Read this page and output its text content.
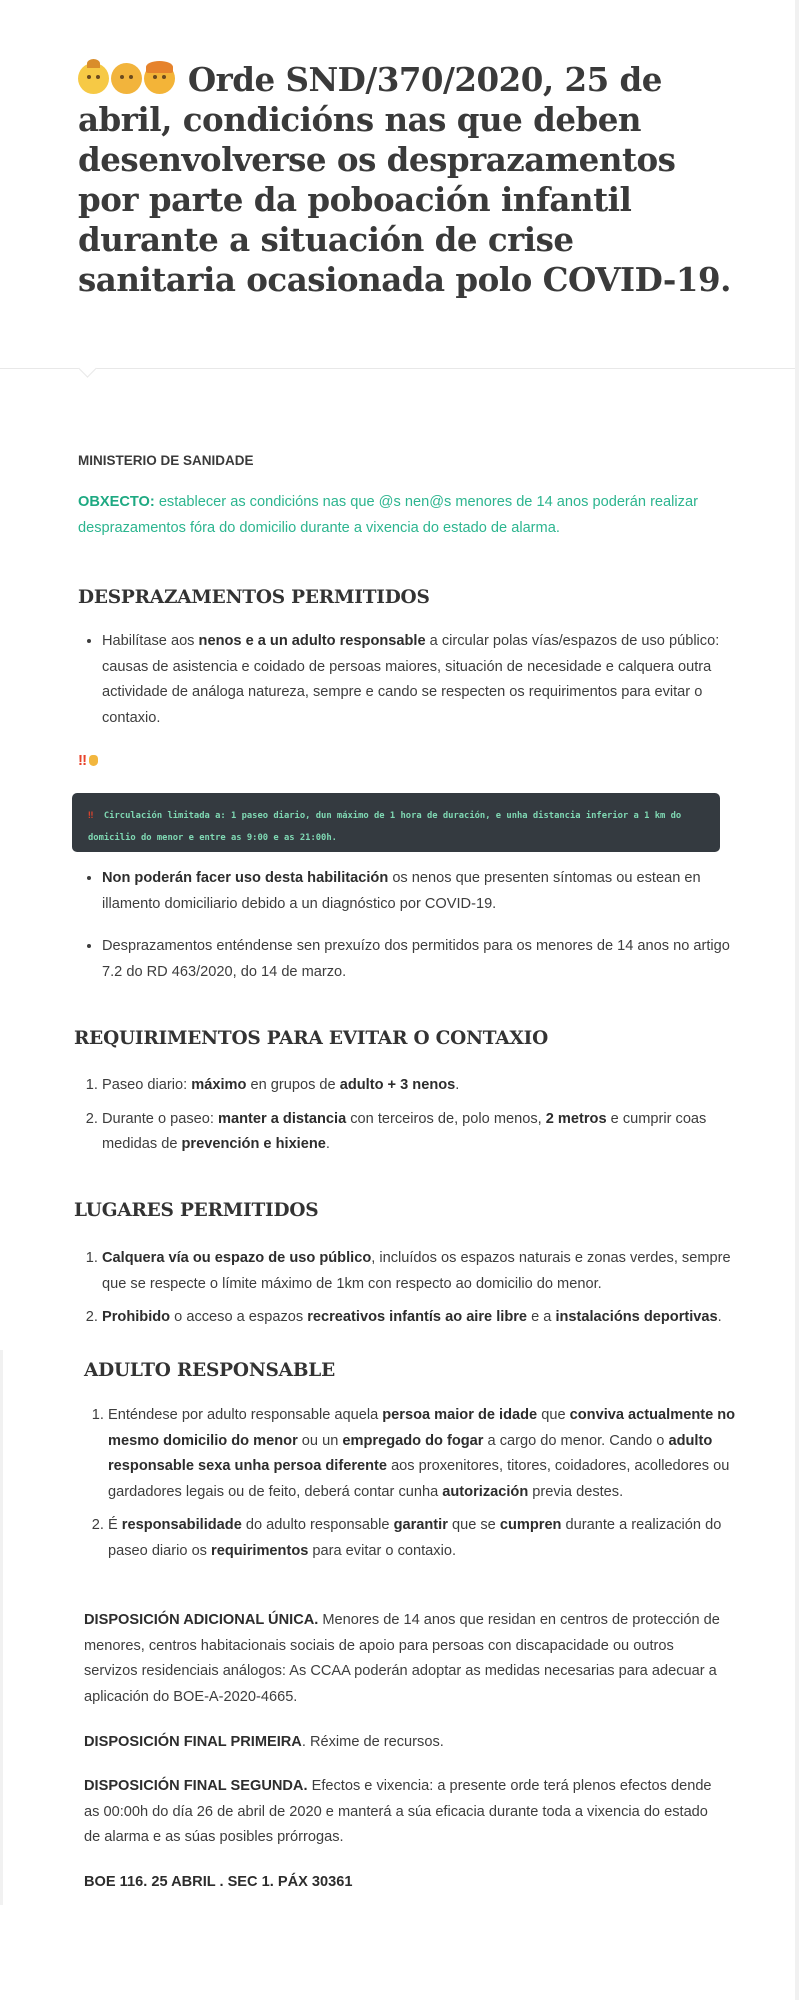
Orde SND/370/2020, 25 de abril, condicións nas que deben desenvolverse os desprazamentos por parte da poboación infantil durante a situación de crise sanitaria ocasionada polo COVID-19.

MINISTERIO DE SANIDADE

OBXECTO: establecer as condicións nas que @s nen@s menores de 14 anos poderán realizar desprazamentos fóra do domicilio durante a vixencia do estado de alarma.

DESPRAZAMENTOS PERMITIDOS
• Habilítase aos nenos e a un adulto responsable a circular polas vías/espazos de uso público: causas de asistencia e coidado de persoas maiores, situación de necesidade e calquera outra actividade de análoga natureza, sempre e cando se respecten os requirimentos para evitar o contaxio.

‼

‼ Circulación limitada a: 1 paseo diario, dun máximo de 1 hora de duración, e unha distancia inferior a 1 km do domicilio do menor e entre as 9:00 e as 21:00h.
• Non poderán facer uso desta habilitación os nenos que presenten síntomas ou estean en illamento domiciliario debido a un diagnóstico por COVID-19.
• Desprazamentos enténdense sen prexuízo dos permitidos para os menores de 14 anos no artigo 7.2 do RD 463/2020, do 14 de marzo.
REQUIRIMENTOS PARA EVITAR O CONTAXIO
1. Paseo diario: máximo en grupos de adulto + 3 nenos.
2. Durante o paseo: manter a distancia con terceiros de, polo menos, 2 metros e cumprir coas medidas de prevención e hixiene.
LUGARES PERMITIDOS
1. Calquera vía ou espazo de uso público, incluídos os espazos naturais e zonas verdes, sempre que se respecte o límite máximo de 1km con respecto ao domicilio do menor.
2. Prohibido o acceso a espazos recreativos infantís ao aire libre e a instalacións deportivas.
ADULTO RESPONSABLE
1. Enténdese por adulto responsable aquela persoa maior de idade que conviva actualmente no mesmo domicilio do menor ou un empregado do fogar a cargo do menor. Cando o adulto responsable sexa unha persoa diferente aos proxenitores, titores, coidadores, acolledores ou gardadores legais ou de feito, deberá contar cunha autorización previa destes.
2. É responsabilidade do adulto responsable garantir que se cumpren durante a realización do paseo diario os requirimentos para evitar o contaxio.

DISPOSICIÓN ADICIONAL ÚNICA. Menores de 14 anos que residan en centros de protección de menores, centros habitacionais sociais de apoio para persoas con discapacidade ou outros servizos residenciais análogos: As CCAA poderán adoptar as medidas necesarias para adecuar a aplicación do BOE-A-2020-4665.

DISPOSICIÓN FINAL PRIMEIRA. Réxime de recursos.

DISPOSICIÓN FINAL SEGUNDA. Efectos e vixencia: a presente orde terá plenos efectos dende as 00:00h do día 26 de abril de 2020 e manterá a súa eficacia durante toda a vixencia do estado de alarma e as súas posibles prórrogas.

BOE 116. 25 ABRIL . SEC 1. PÁX 30361
